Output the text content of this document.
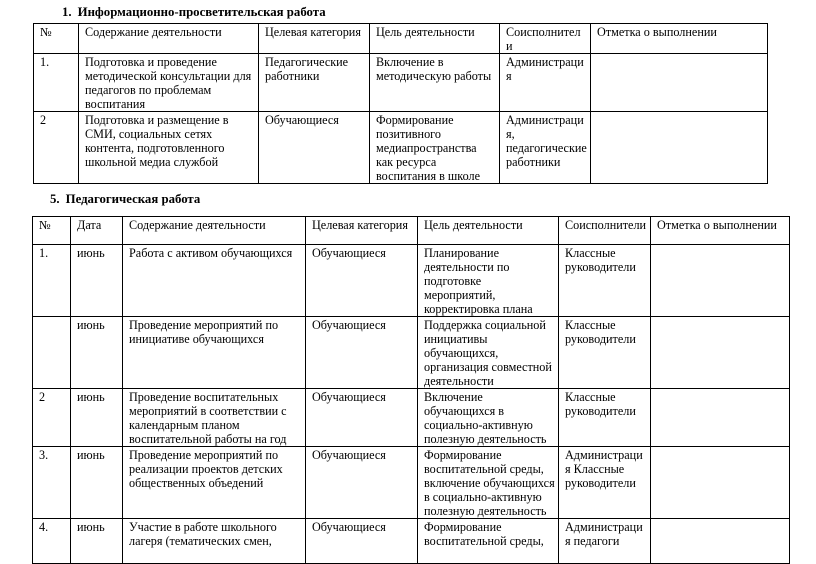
1. Информационно-просветительская работа
№	Содержание деятельности	Целевая категория	Цель деятельности	Соисполнители	Отметка о выполнении
1.	Подготовка и проведение методической консультации для педагогов по проблемам воспитания	Педагогические работники	Включение в методическую работы	Администрация	
2	Подготовка и размещение в СМИ, социальных сетях контента, подготовленного школьной медиа службой	Обучающиеся	Формирование позитивного медиапространства как ресурса воспитания в школе	Администрация, педагогические работники	
5. Педагогическая работа
№	Дата	Содержание деятельности	Целевая категория	Цель деятельности	Соисполнители	Отметка о выполнении
1.	июнь	Работа с активом обучающихся	Обучающиеся	Планирование деятельности по подготовке мероприятий, корректировка плана	Классные руководители	
	июнь	Проведение мероприятий по инициативе обучающихся	Обучающиеся	Поддержка социальной инициативы обучающихся, организация совместной деятельности	Классные руководители	
2	июнь	Проведение воспитательных мероприятий в соответствии с календарным планом воспитательной работы на год	Обучающиеся	Включение обучающихся в социально-активную полезную деятельность	Классные руководители	
3.	июнь	Проведение мероприятий по реализации проектов детских общественных объедений	Обучающиеся	Формирование воспитательной среды, включение обучающихся в социально-активную полезную деятельность	Администрация Классные руководители	
4.	июнь	Участие в работе школьного лагеря (тематических смен,	Обучающиеся	Формирование воспитательной среды,	Администрация педагоги	
